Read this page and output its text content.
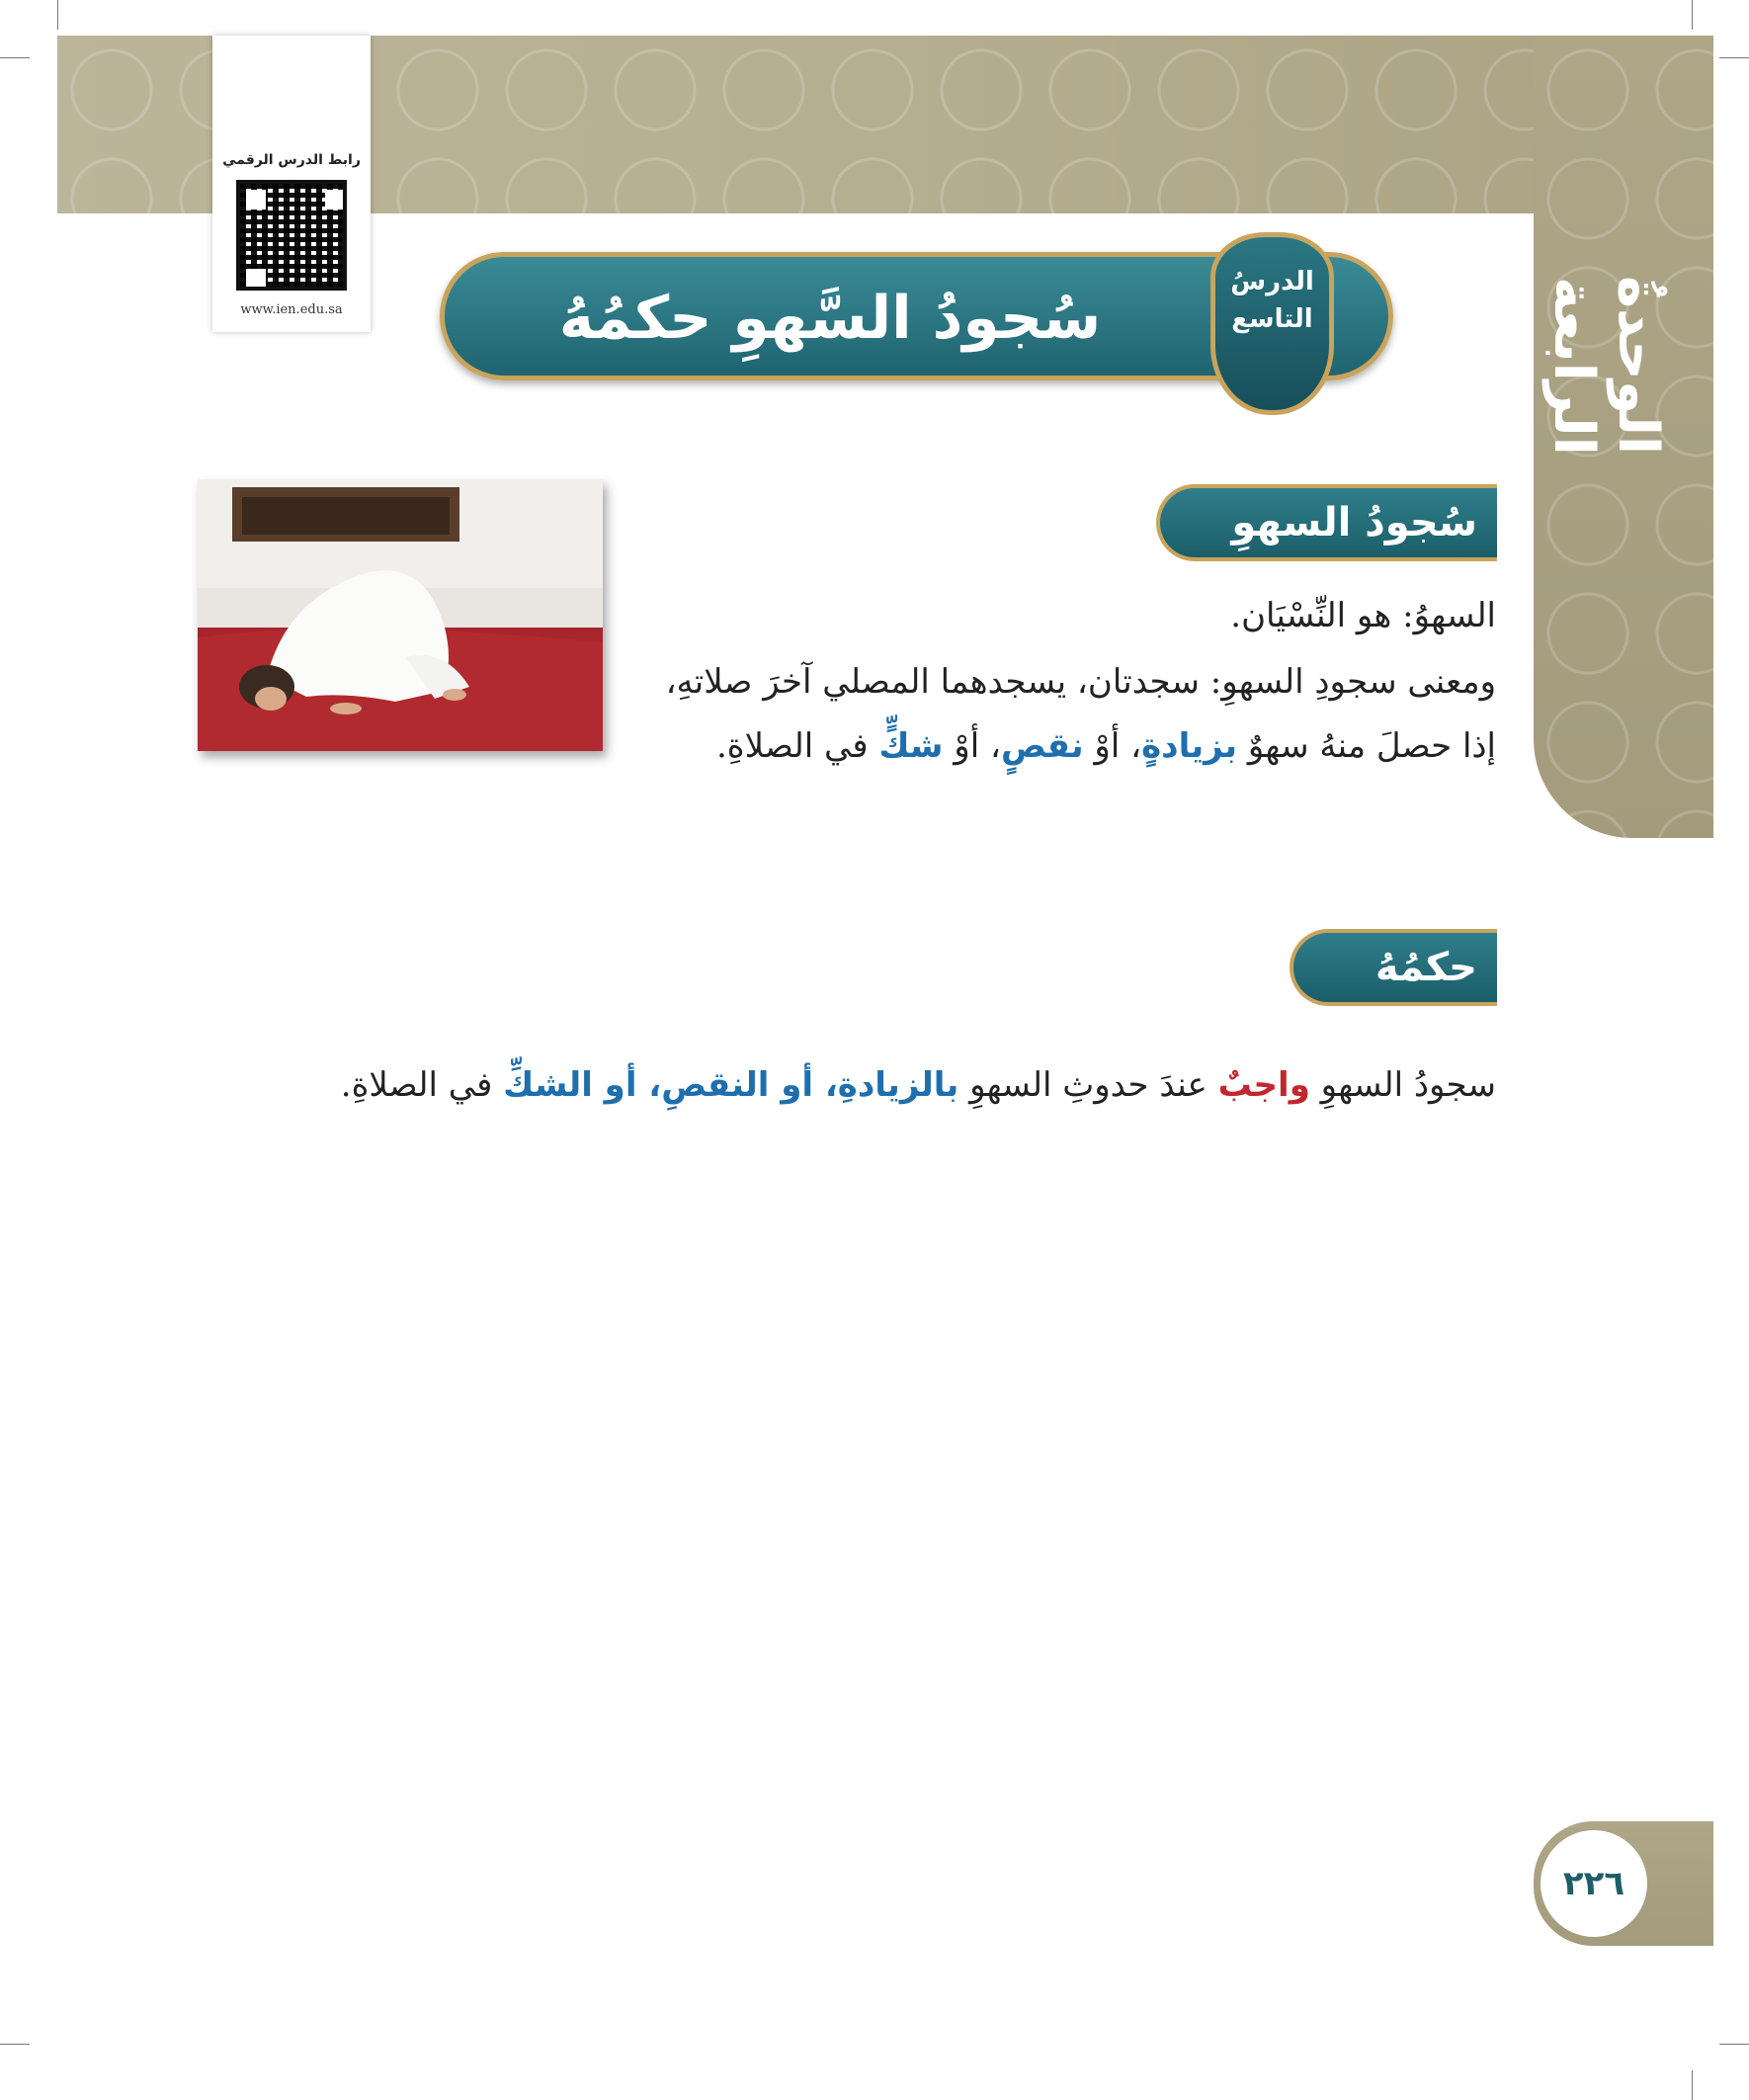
الوحدةُ الرابعة
رابط الدرس الرقمي
www.ien.edu.sa	سُجودُ السَّهوِ حكمُهُ وصِفتُهُ
الدرسُ
التاسع
سُجودُ السهوِ
السهوُ: هو النِّسْيَان.
ومعنى سجودِ السهوِ: سجدتان، يسجدهما المصلي آخرَ صلاتهِ،
إذا حصلَ منهُ سهوٌ بزيادةٍ، أوْ نقصٍ، أوْ شكٍّ في الصلاةِ.
حكمُهُ
سجودُ السهوِ واجبٌ عندَ حدوثِ السهوِ بالزيادةِ، أو النقصِ، أو الشكِّ في الصلاةِ.
٢٢٦
